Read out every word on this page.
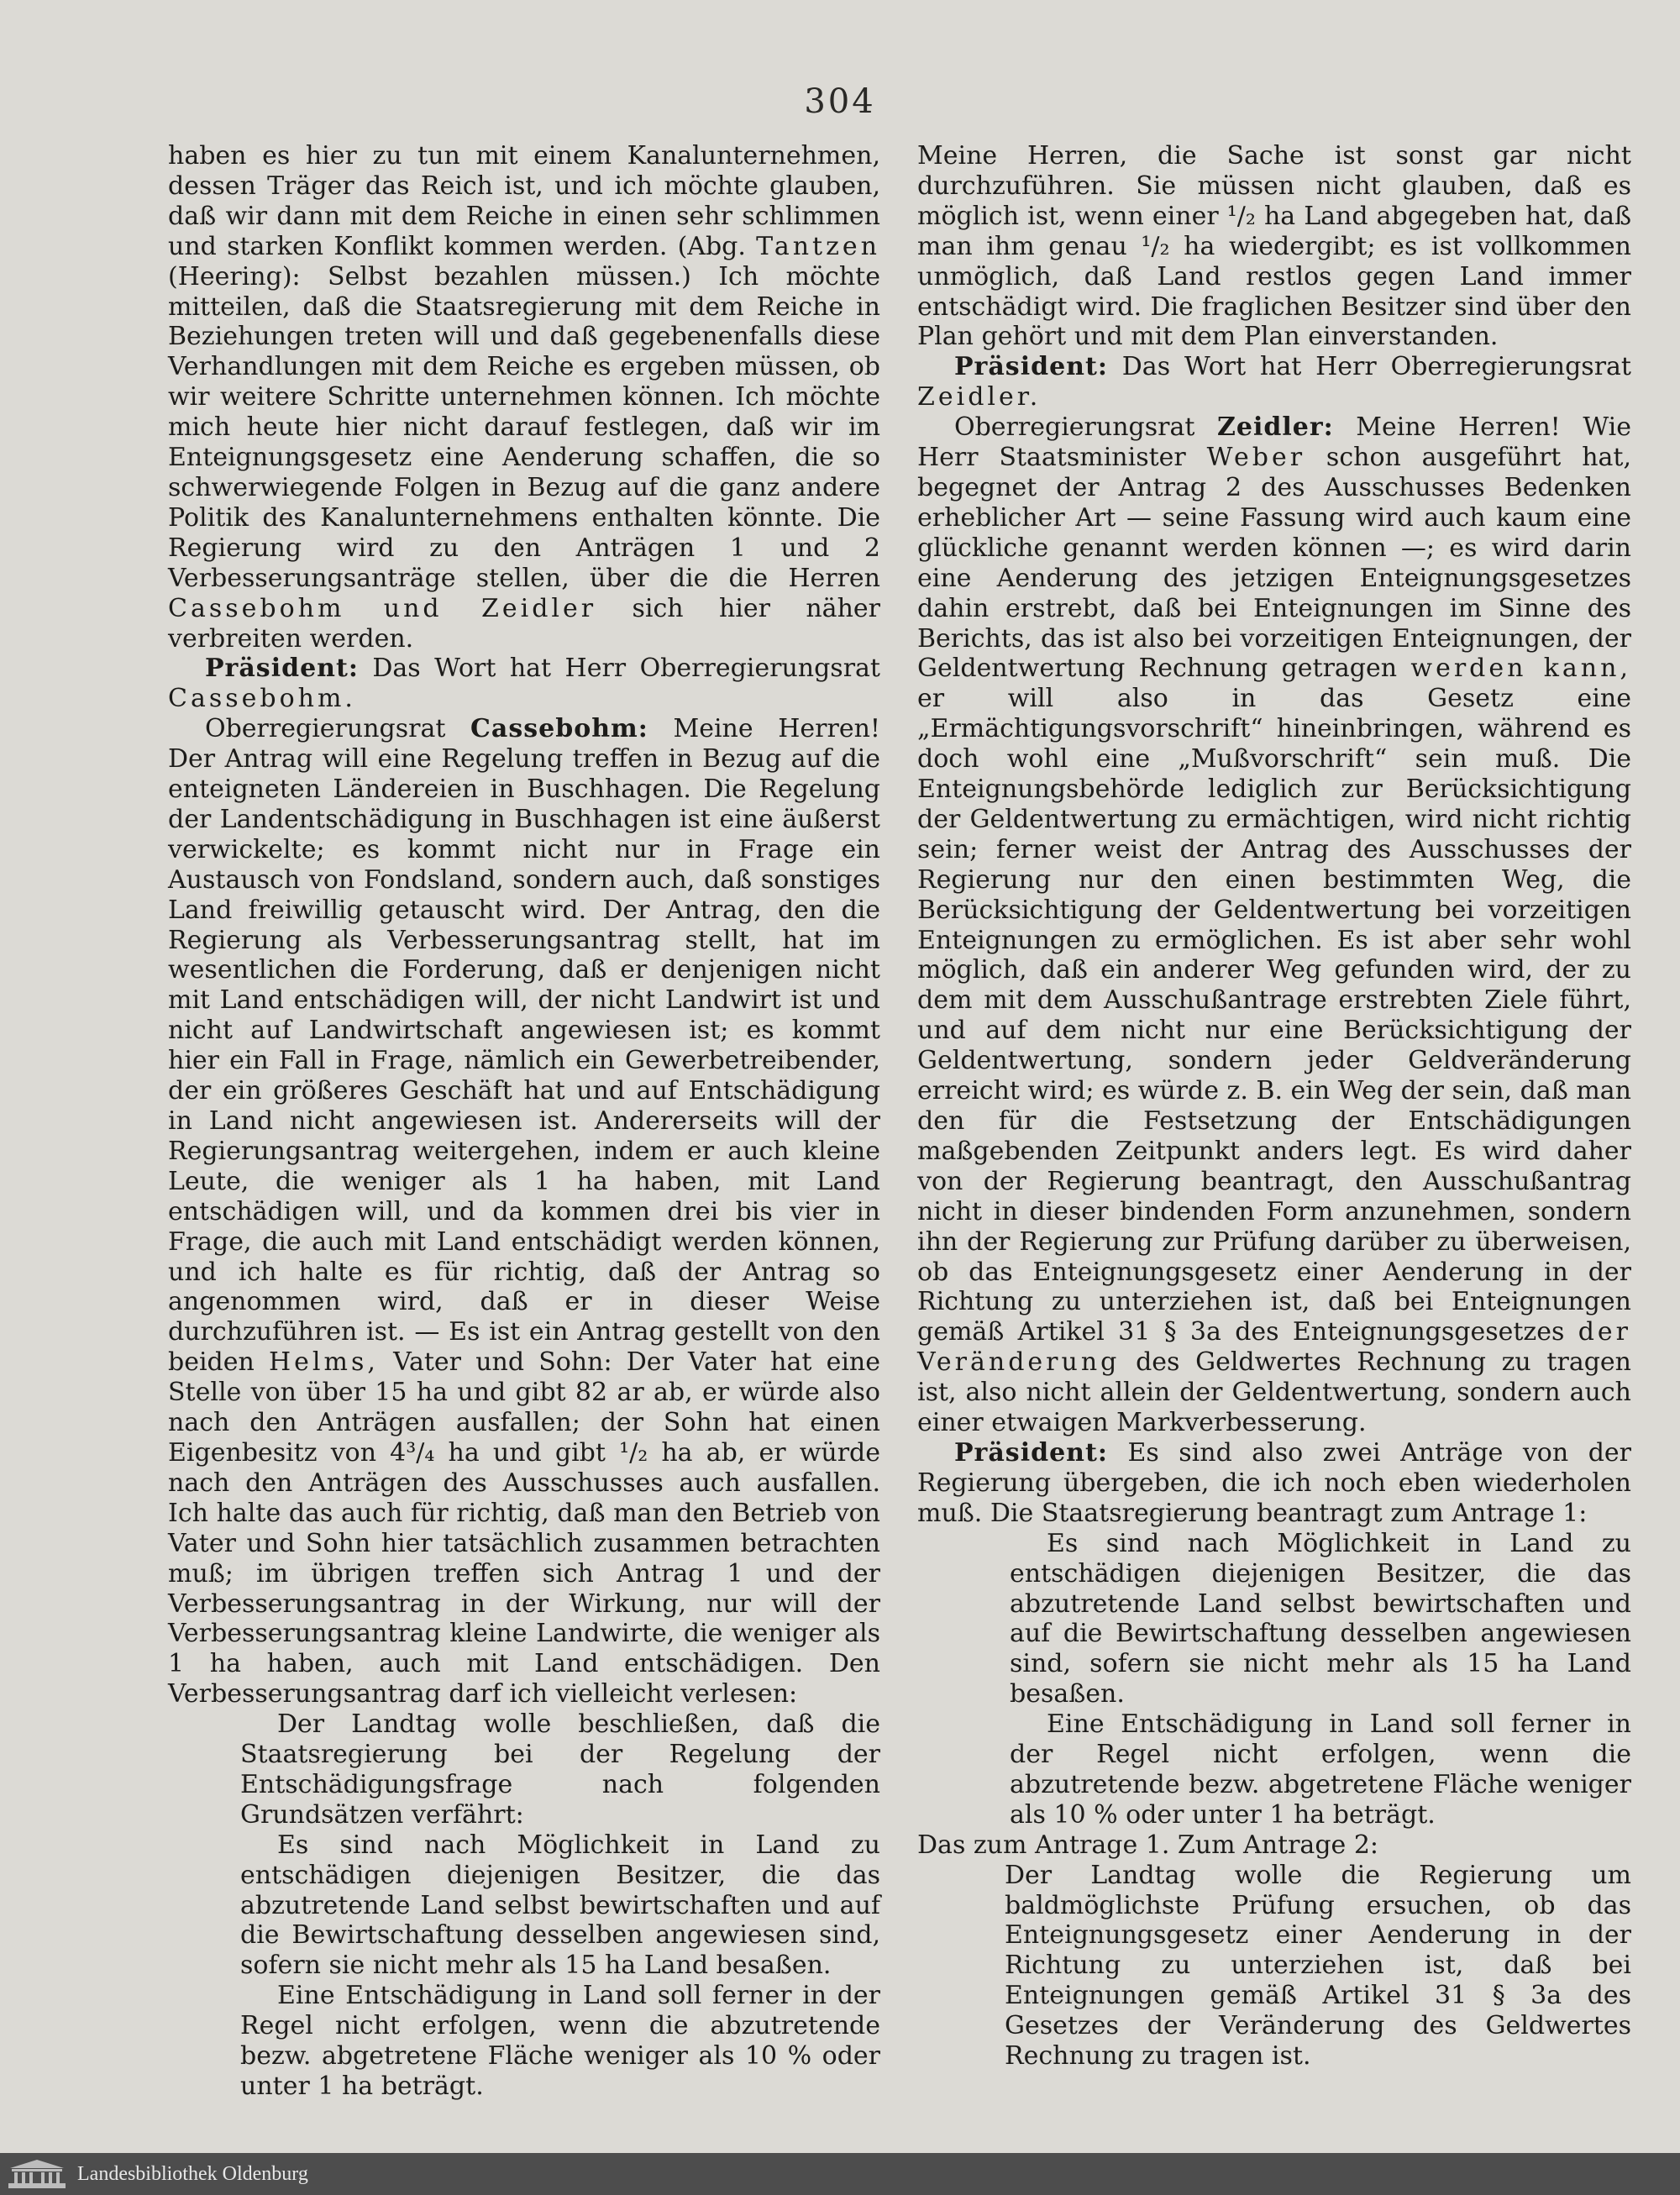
304

haben es hier zu tun mit einem Kanalunternehmen, dessen Träger das Reich ist, und ich möchte glauben, daß wir dann mit dem Reiche in einen sehr schlimmen und starken Konflikt kommen werden. (Abg. Tantzen (Heering): Selbst bezahlen müssen.) Ich möchte mitteilen, daß die Staatsregierung mit dem Reiche in Beziehungen treten will und daß gegebenenfalls diese Verhandlungen mit dem Reiche es ergeben müssen, ob wir weitere Schritte unternehmen können. Ich möchte mich heute hier nicht darauf festlegen, daß wir im Enteignungsgesetz eine Aenderung schaffen, die so schwerwiegende Folgen in Bezug auf die ganz andere Politik des Kanalunternehmens enthalten könnte. Die Regierung wird zu den Anträgen 1 und 2 Verbesserungsanträge stellen, über die die Herren Cassebohm und Zeidler sich hier näher verbreiten werden.

Präsident: Das Wort hat Herr Oberregierungsrat Cassebohm.

Oberregierungsrat Cassebohm: Meine Herren! Der Antrag will eine Regelung treffen in Bezug auf die enteigneten Ländereien in Buschhagen. Die Regelung der Landentschädigung in Buschhagen ist eine äußerst verwickelte; es kommt nicht nur in Frage ein Austausch von Fondsland, sondern auch, daß sonstiges Land freiwillig getauscht wird. Der Antrag, den die Regierung als Verbesserungsantrag stellt, hat im wesentlichen die Forderung, daß er denjenigen nicht mit Land entschädigen will, der nicht Landwirt ist und nicht auf Landwirtschaft angewiesen ist; es kommt hier ein Fall in Frage, nämlich ein Gewerbetreibender, der ein größeres Geschäft hat und auf Entschädigung in Land nicht angewiesen ist. Andererseits will der Regierungsantrag weitergehen, indem er auch kleine Leute, die weniger als 1 ha haben, mit Land entschädigen will, und da kommen drei bis vier in Frage, die auch mit Land entschädigt werden können, und ich halte es für richtig, daß der Antrag so angenommen wird, daß er in dieser Weise durchzuführen ist. — Es ist ein Antrag gestellt von den beiden Helms, Vater und Sohn: Der Vater hat eine Stelle von über 15 ha und gibt 82 ar ab, er würde also nach den Anträgen ausfallen; der Sohn hat einen Eigenbesitz von 4³/₄ ha und gibt ¹/₂ ha ab, er würde nach den Anträgen des Ausschusses auch ausfallen. Ich halte das auch für richtig, daß man den Betrieb von Vater und Sohn hier tatsächlich zusammen betrachten muß; im übrigen treffen sich Antrag 1 und der Verbesserungsantrag in der Wirkung, nur will der Verbesserungsantrag kleine Landwirte, die weniger als 1 ha haben, auch mit Land entschädigen. Den Verbesserungsantrag darf ich vielleicht verlesen:

Der Landtag wolle beschließen, daß die Staatsregierung bei der Regelung der Entschädigungsfrage nach folgenden Grundsätzen verfährt:

Es sind nach Möglichkeit in Land zu entschädigen diejenigen Besitzer, die das abzutretende Land selbst bewirtschaften und auf die Bewirtschaftung desselben angewiesen sind, sofern sie nicht mehr als 15 ha Land besaßen.

Eine Entschädigung in Land soll ferner in der Regel nicht erfolgen, wenn die abzutretende bezw. abgetretene Fläche weniger als 10 % oder unter 1 ha beträgt.

Meine Herren, die Sache ist sonst gar nicht durchzuführen. Sie müssen nicht glauben, daß es möglich ist, wenn einer ¹/₂ ha Land abgegeben hat, daß man ihm genau ¹/₂ ha wiedergibt; es ist vollkommen unmöglich, daß Land restlos gegen Land immer entschädigt wird. Die fraglichen Besitzer sind über den Plan gehört und mit dem Plan einverstanden.

Präsident: Das Wort hat Herr Oberregierungsrat Zeidler.

Oberregierungsrat Zeidler: Meine Herren! Wie Herr Staatsminister Weber schon ausgeführt hat, begegnet der Antrag 2 des Ausschusses Bedenken erheblicher Art — seine Fassung wird auch kaum eine glückliche genannt werden können —; es wird darin eine Aenderung des jetzigen Enteignungsgesetzes dahin erstrebt, daß bei Enteignungen im Sinne des Berichts, das ist also bei vorzeitigen Enteignungen, der Geldentwertung Rechnung getragen werden kann, er will also in das Gesetz eine „Ermächtigungsvorschrift“ hineinbringen, während es doch wohl eine „Mußvorschrift“ sein muß. Die Enteignungsbehörde lediglich zur Berücksichtigung der Geldentwertung zu ermächtigen, wird nicht richtig sein; ferner weist der Antrag des Ausschusses der Regierung nur den einen bestimmten Weg, die Berücksichtigung der Geldentwertung bei vorzeitigen Enteignungen zu ermöglichen. Es ist aber sehr wohl möglich, daß ein anderer Weg gefunden wird, der zu dem mit dem Ausschußantrage erstrebten Ziele führt, und auf dem nicht nur eine Berücksichtigung der Geldentwertung, sondern jeder Geldveränderung erreicht wird; es würde z. B. ein Weg der sein, daß man den für die Festsetzung der Entschädigungen maßgebenden Zeitpunkt anders legt. Es wird daher von der Regierung beantragt, den Ausschußantrag nicht in dieser bindenden Form anzunehmen, sondern ihn der Regierung zur Prüfung darüber zu überweisen, ob das Enteignungsgesetz einer Aenderung in der Richtung zu unterziehen ist, daß bei Enteignungen gemäß Artikel 31 § 3a des Enteignungsgesetzes der Veränderung des Geldwertes Rechnung zu tragen ist, also nicht allein der Geldentwertung, sondern auch einer etwaigen Markverbesserung.

Präsident: Es sind also zwei Anträge von der Regierung übergeben, die ich noch eben wiederholen muß. Die Staatsregierung beantragt zum Antrage 1:

Es sind nach Möglichkeit in Land zu entschädigen diejenigen Besitzer, die das abzutretende Land selbst bewirtschaften und auf die Bewirtschaftung desselben angewiesen sind, sofern sie nicht mehr als 15 ha Land besaßen.

Eine Entschädigung in Land soll ferner in der Regel nicht erfolgen, wenn die abzutretende bezw. abgetretene Fläche weniger als 10 % oder unter 1 ha beträgt.

Das zum Antrage 1. Zum Antrage 2:

Der Landtag wolle die Regierung um baldmöglichste Prüfung ersuchen, ob das Enteignungsgesetz einer Aenderung in der Richtung zu unterziehen ist, daß bei Enteignungen gemäß Artikel 31 § 3a des Gesetzes der Veränderung des Geldwertes Rechnung zu tragen ist.

Landesbibliothek Oldenburg
